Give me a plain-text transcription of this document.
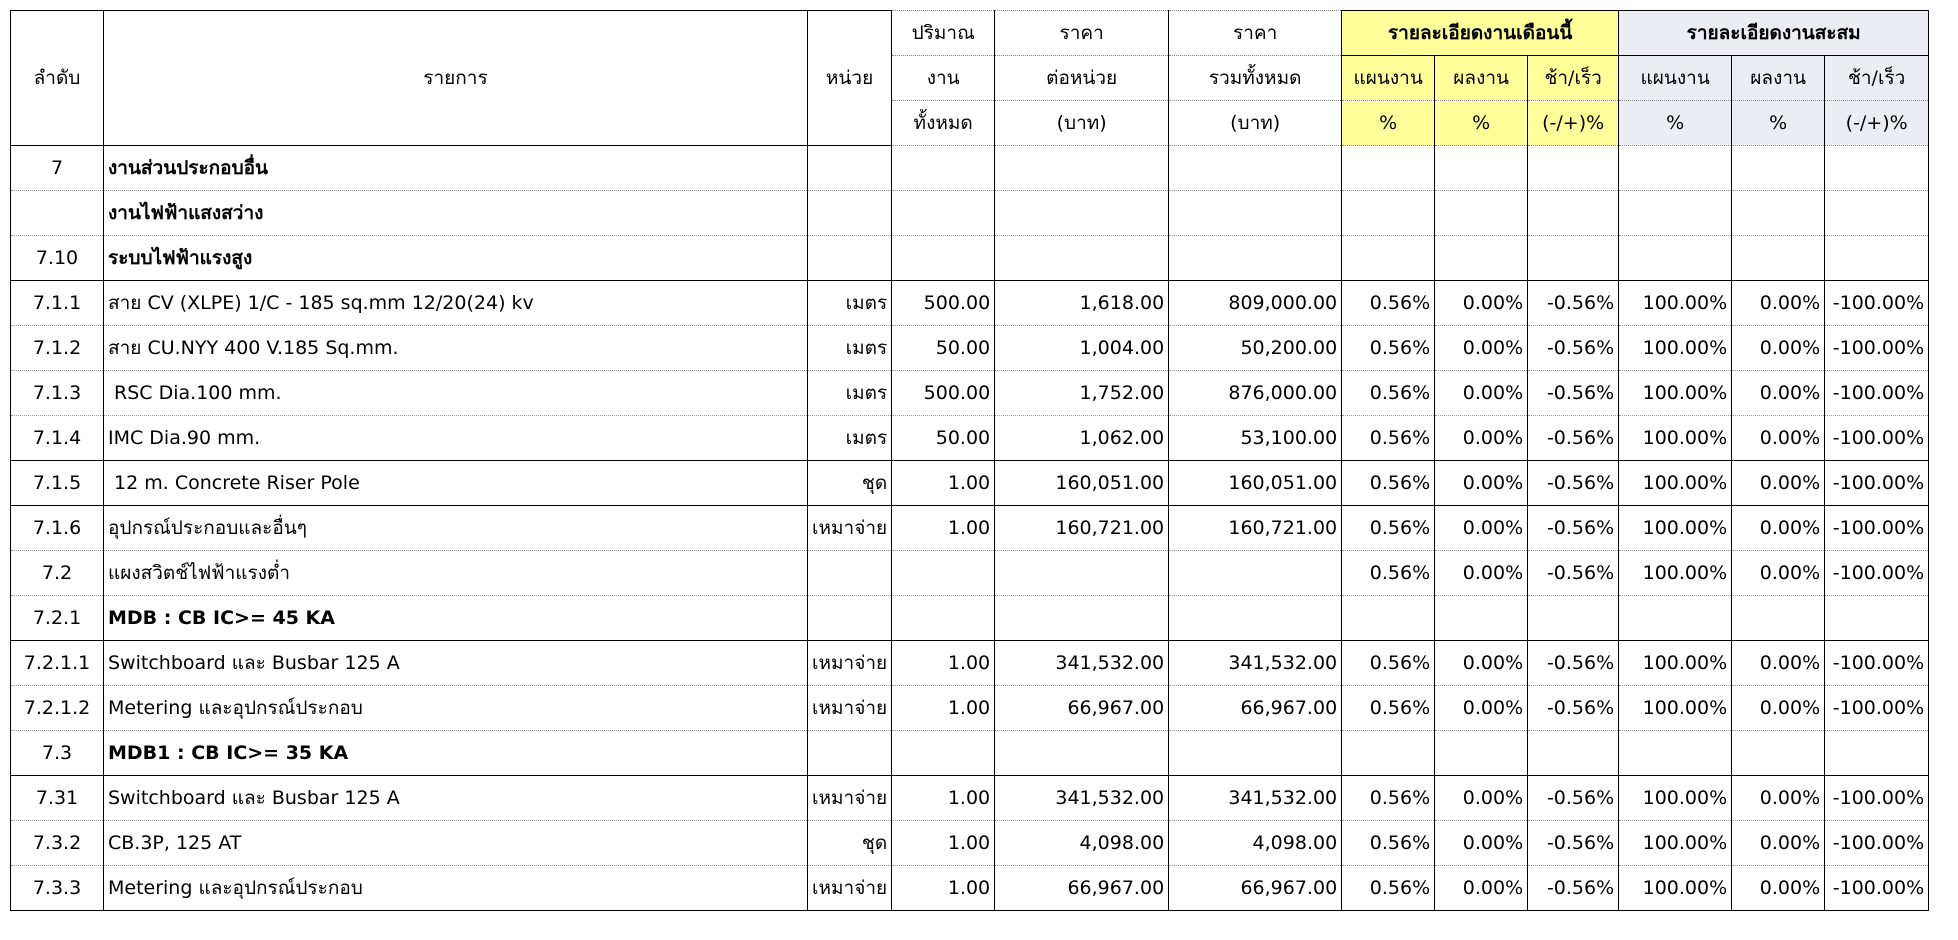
ลำดับ	รายการ	หน่วย	ปริมาณ	ราคา	ราคา	รายละเอียดงานเดือนนี้			รายละเอียดงานสะสม		
			งาน	ต่อหน่วย	รวมทั้งหมด	แผนงาน	ผลงาน	ช้า/เร็ว	แผนงาน	ผลงาน	ช้า/เร็ว
			ทั้งหมด	(บาท)	(บาท)	%	%	(-/+)%	%	%	(-/+)%
7	งานส่วนประกอบอื่น										
	งานไฟฟ้าแสงสว่าง										
7.10	ระบบไฟฟ้าแรงสูง										
7.1.1	สาย CV (XLPE) 1/C - 185 sq.mm 12/20(24) kv	เมตร	500.00	1,618.00	809,000.00	0.56%	0.00%	-0.56%	100.00%	0.00%	-100.00%
7.1.2	สาย CU.NYY 400 V.185 Sq.mm.	เมตร	50.00	1,004.00	50,200.00	0.56%	0.00%	-0.56%	100.00%	0.00%	-100.00%
7.1.3	RSC Dia.100 mm.	เมตร	500.00	1,752.00	876,000.00	0.56%	0.00%	-0.56%	100.00%	0.00%	-100.00%
7.1.4	IMC Dia.90 mm.	เมตร	50.00	1,062.00	53,100.00	0.56%	0.00%	-0.56%	100.00%	0.00%	-100.00%
7.1.5	12 m. Concrete Riser Pole	ชุด	1.00	160,051.00	160,051.00	0.56%	0.00%	-0.56%	100.00%	0.00%	-100.00%
7.1.6	อุปกรณ์ประกอบและอื่นๆ	เหมาจ่าย	1.00	160,721.00	160,721.00	0.56%	0.00%	-0.56%	100.00%	0.00%	-100.00%
7.2	แผงสวิตช์ไฟฟ้าแรงต่ำ					0.56%	0.00%	-0.56%	100.00%	0.00%	-100.00%
7.2.1	MDB : CB IC>= 45 KA										
7.2.1.1	Switchboard และ Busbar 125 A	เหมาจ่าย	1.00	341,532.00	341,532.00	0.56%	0.00%	-0.56%	100.00%	0.00%	-100.00%
7.2.1.2	Metering และอุปกรณ์ประกอบ	เหมาจ่าย	1.00	66,967.00	66,967.00	0.56%	0.00%	-0.56%	100.00%	0.00%	-100.00%
7.3	MDB1 : CB IC>= 35 KA										
7.31	Switchboard และ Busbar 125 A	เหมาจ่าย	1.00	341,532.00	341,532.00	0.56%	0.00%	-0.56%	100.00%	0.00%	-100.00%
7.3.2	CB.3P, 125 AT	ชุด	1.00	4,098.00	4,098.00	0.56%	0.00%	-0.56%	100.00%	0.00%	-100.00%
7.3.3	Metering และอุปกรณ์ประกอบ	เหมาจ่าย	1.00	66,967.00	66,967.00	0.56%	0.00%	-0.56%	100.00%	0.00%	-100.00%
